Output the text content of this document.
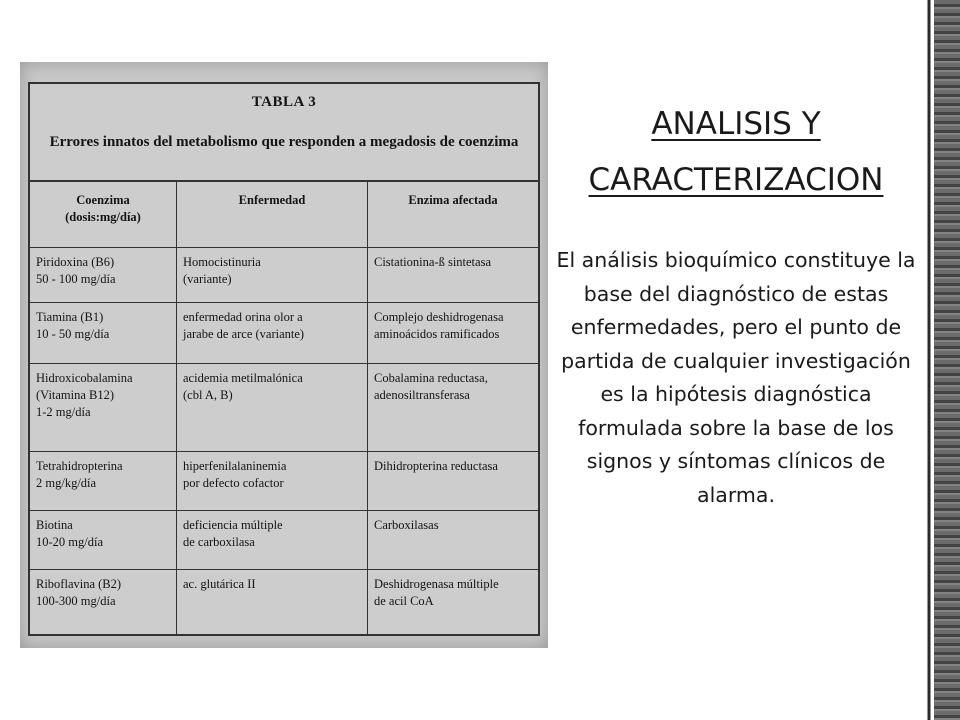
TABLA 3
Errores innatos del metabolismo que responden a megadosis de coenzima
Coenzima
(dosis:mg/día)
Enfermedad	Enzima afectada
Piridoxina (B6)
50 - 100 mg/día
Homocistinuria
(variante)
Cistationina-ß sintetasa
Tiamina (B1)
10 - 50 mg/día
enfermedad orina olor a
jarabe de arce (variante)
Complejo deshidrogenasa
aminoácidos ramificados
Hidroxicobalamina
(Vitamina B12)
1-2 mg/día
acidemia metilmalónica
(cbl A, B)
Cobalamina reductasa,
adenosiltransferasa
Tetrahidropterina
2 mg/kg/día
hiperfenilalaninemia
por defecto cofactor
Dihidropterina reductasa
Biotina
10-20 mg/día
deficiencia múltiple
de carboxilasa
Carboxilasas
Riboflavina (B2)
100-300 mg/día
ac. glutárica II	Deshidrogenasa múltiple
de acil CoA
ANALISIS Y CARACTERIZACION
El análisis bioquímico constituye la base del diagnóstico de estas enfermedades, pero el punto de partida de cualquier investigación es la hipótesis diagnóstica formulada sobre la base de los signos y síntomas clínicos de alarma.
